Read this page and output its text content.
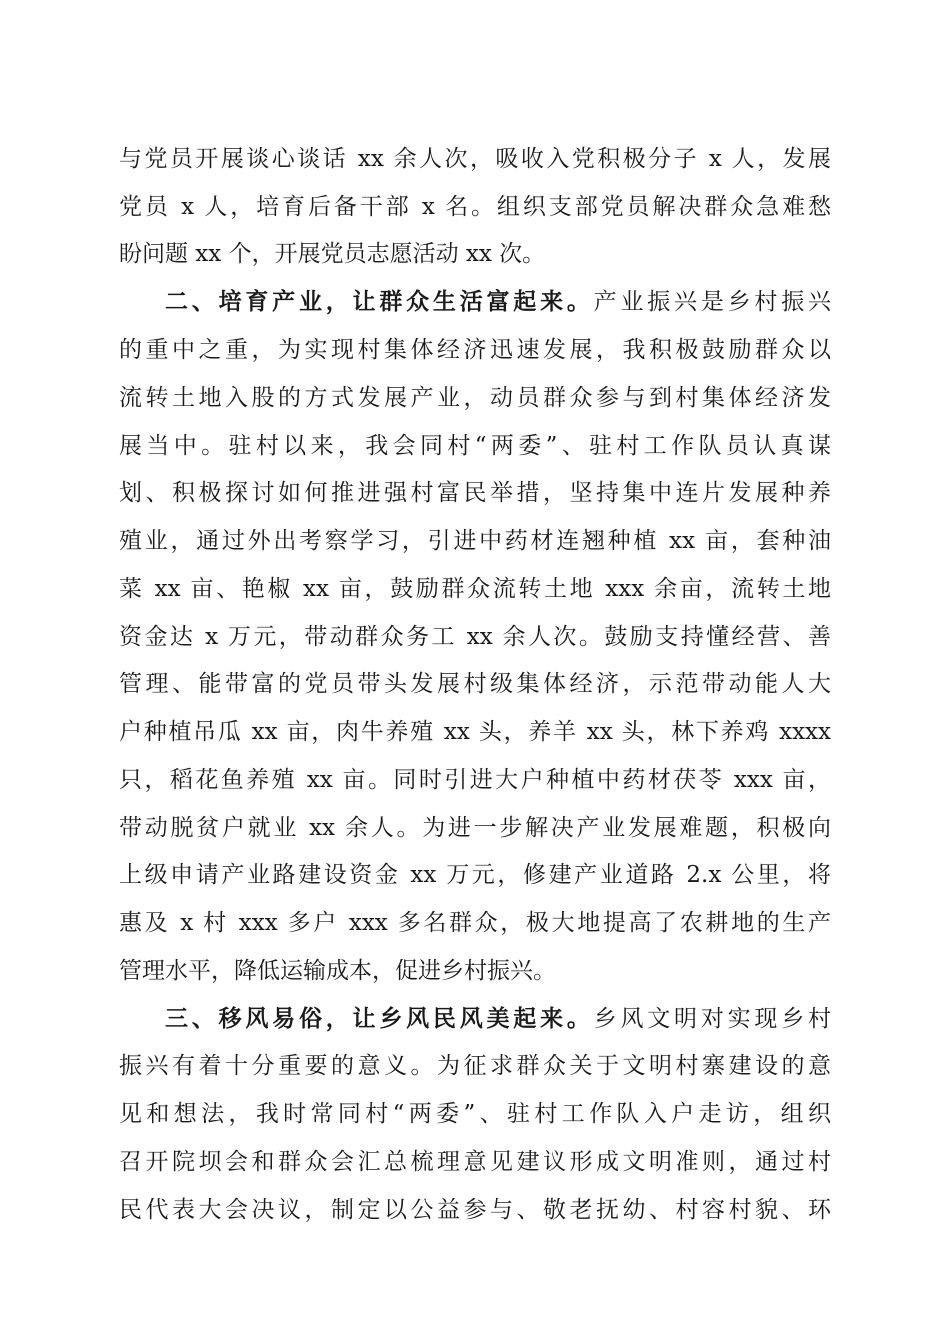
与党员开展谈心谈话 xx 余人次，吸收入党积极分子 x 人，发展

党员 x 人，培育后备干部 x 名。组织支部党员解决群众急难愁

盼问题 xx 个，开展党员志愿活动 xx 次。

二、培育产业，让群众生活富起来。产业振兴是乡村振兴

的重中之重，为实现村集体经济迅速发展，我积极鼓励群众以

流转土地入股的方式发展产业，动员群众参与到村集体经济发

展当中。驻村以来，我会同村“两委”、驻村工作队员认真谋

划、积极探讨如何推进强村富民举措，坚持集中连片发展种养

殖业，通过外出考察学习，引进中药材连翘种植 xx 亩，套种油

菜 xx 亩、艳椒 xx 亩，鼓励群众流转土地 xxx 余亩，流转土地

资金达 x 万元，带动群众务工 xx 余人次。鼓励支持懂经营、善

管理、能带富的党员带头发展村级集体经济，示范带动能人大

户种植吊瓜 xx 亩，肉牛养殖 xx 头，养羊 xx 头，林下养鸡 xxxx

只，稻花鱼养殖 xx 亩。同时引进大户种植中药材茯苓 xxx 亩，

带动脱贫户就业 xx 余人。为进一步解决产业发展难题，积极向

上级申请产业路建设资金 xx 万元，修建产业道路 2.x 公里，将

惠及 x 村 xxx 多户 xxx 多名群众，极大地提高了农耕地的生产

管理水平，降低运输成本，促进乡村振兴。

三、移风易俗，让乡风民风美起来。乡风文明对实现乡村

振兴有着十分重要的意义。为征求群众关于文明村寨建设的意

见和想法，我时常同村“两委”、驻村工作队入户走访，组织

召开院坝会和群众会汇总梳理意见建议形成文明准则，通过村

民代表大会决议，制定以公益参与、敬老抚幼、村容村貌、环
